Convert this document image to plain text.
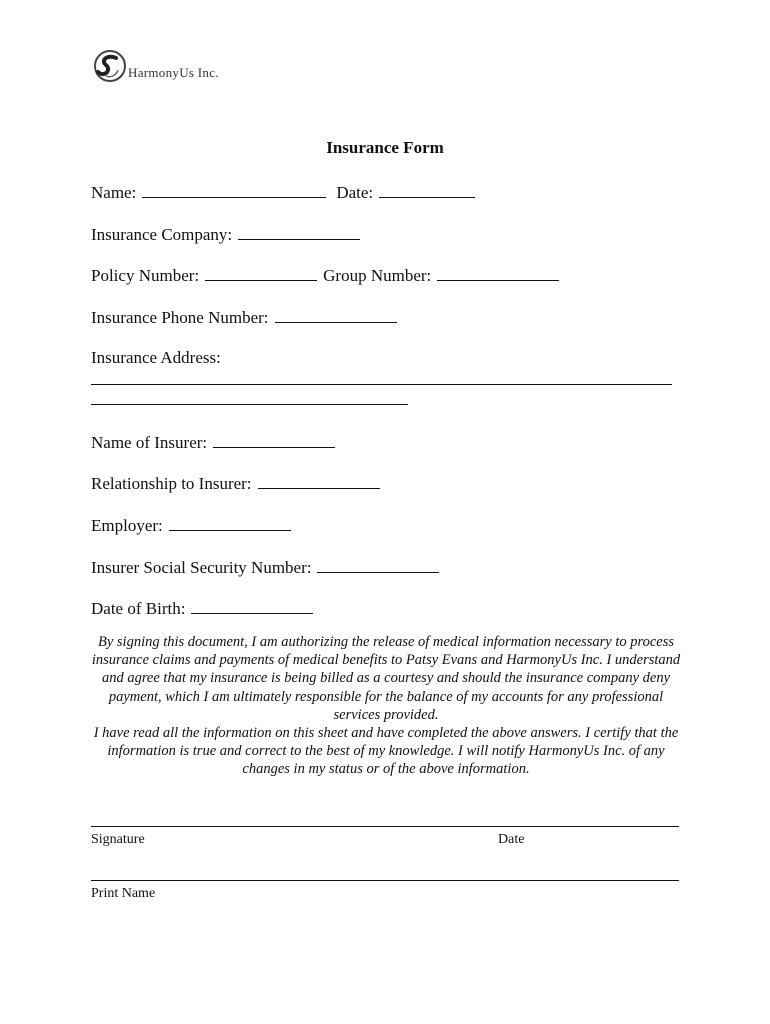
HarmonyUs Inc.
Insurance Form
Name:	Date:
Insurance Company:
Policy Number:	Group Number:
Insurance Phone Number:
Insurance Address:
Name of Insurer:
Relationship to Insurer:
Employer:
Insurer Social Security Number:
Date of Birth:

By signing this document, I am authorizing the release of medical information necessary to process insurance claims and payments of medical benefits to Patsy Evans and HarmonyUs Inc. I understand and agree that my insurance is being billed as a courtesy and should the insurance company deny payment, which I am ultimately responsible for the balance of my accounts for any professional services provided.

I have read all the information on this sheet and have completed the above answers. I certify that the information is true and correct to the best of my knowledge. I will notify HarmonyUs Inc. of any changes in my status or of the above information.

Signature	Date
Print Name
